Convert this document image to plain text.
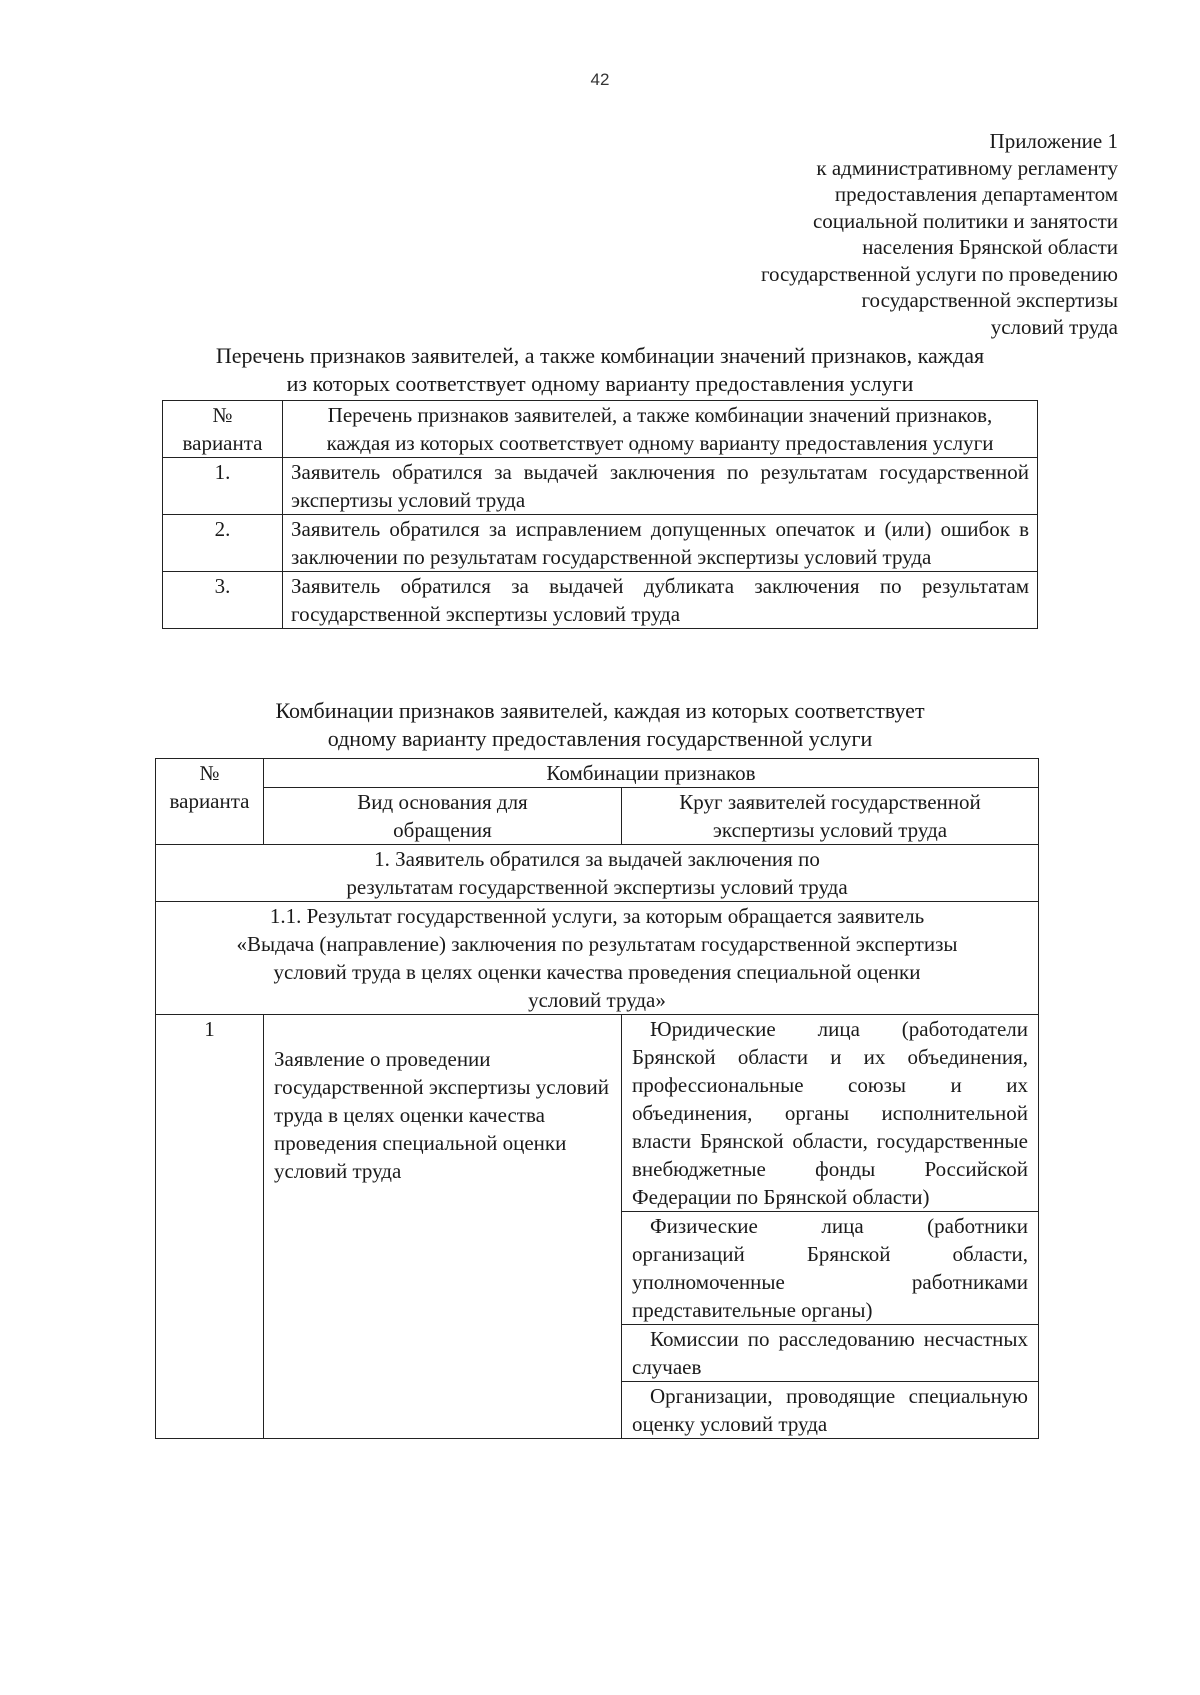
42
Приложение 1
к административному регламенту
предоставления департаментом
социальной политики и занятости
населения Брянской области
государственной услуги по проведению
государственной экспертизы
условий труда
Перечень признаков заявителей, а также комбинации значений признаков, каждая
из которых соответствует одному варианту предоставления услуги
№ варианта	Перечень признаков заявителей, а также комбинации значений признаков, каждая из которых соответствует одному варианту предоставления услуги
1.	Заявитель обратился за выдачей заключения по результатам государственной экспертизы условий труда
2.	Заявитель обратился за исправлением допущенных опечаток и (или) ошибок в заключении по результатам государственной экспертизы условий труда
3.	Заявитель обратился за выдачей дубликата заключения по результатам государственной экспертизы условий труда
Комбинации признаков заявителей, каждая из которых соответствует
одному варианту предоставления государственной услуги
№ варианта	Комбинации признаков	
	Вид основания для обращения	Круг заявителей государственной экспертизы условий труда
1. Заявитель обратился за выдачей заключения по результатам государственной экспертизы условий труда		
1.1. Результат государственной услуги, за которым обращается заявитель «Выдача (направление) заключения по результатам государственной экспертизы условий труда в целях оценки качества проведения специальной оценки условий труда»		
1	Заявление о проведении государственной экспертизы условий труда в целях оценки качества проведения специальной оценки условий труда	Юридические лица (работодатели Брянской области и их объединения, профессиональные союзы и их объединения, органы исполнительной власти Брянской области, государственные внебюджетные фонды Российской Федерации по Брянской области)
		Физические лица (работники организаций Брянской области, уполномоченные работниками представительные органы)
		Комиссии по расследованию несчастных случаев
		Организации, проводящие специальную оценку условий труда
